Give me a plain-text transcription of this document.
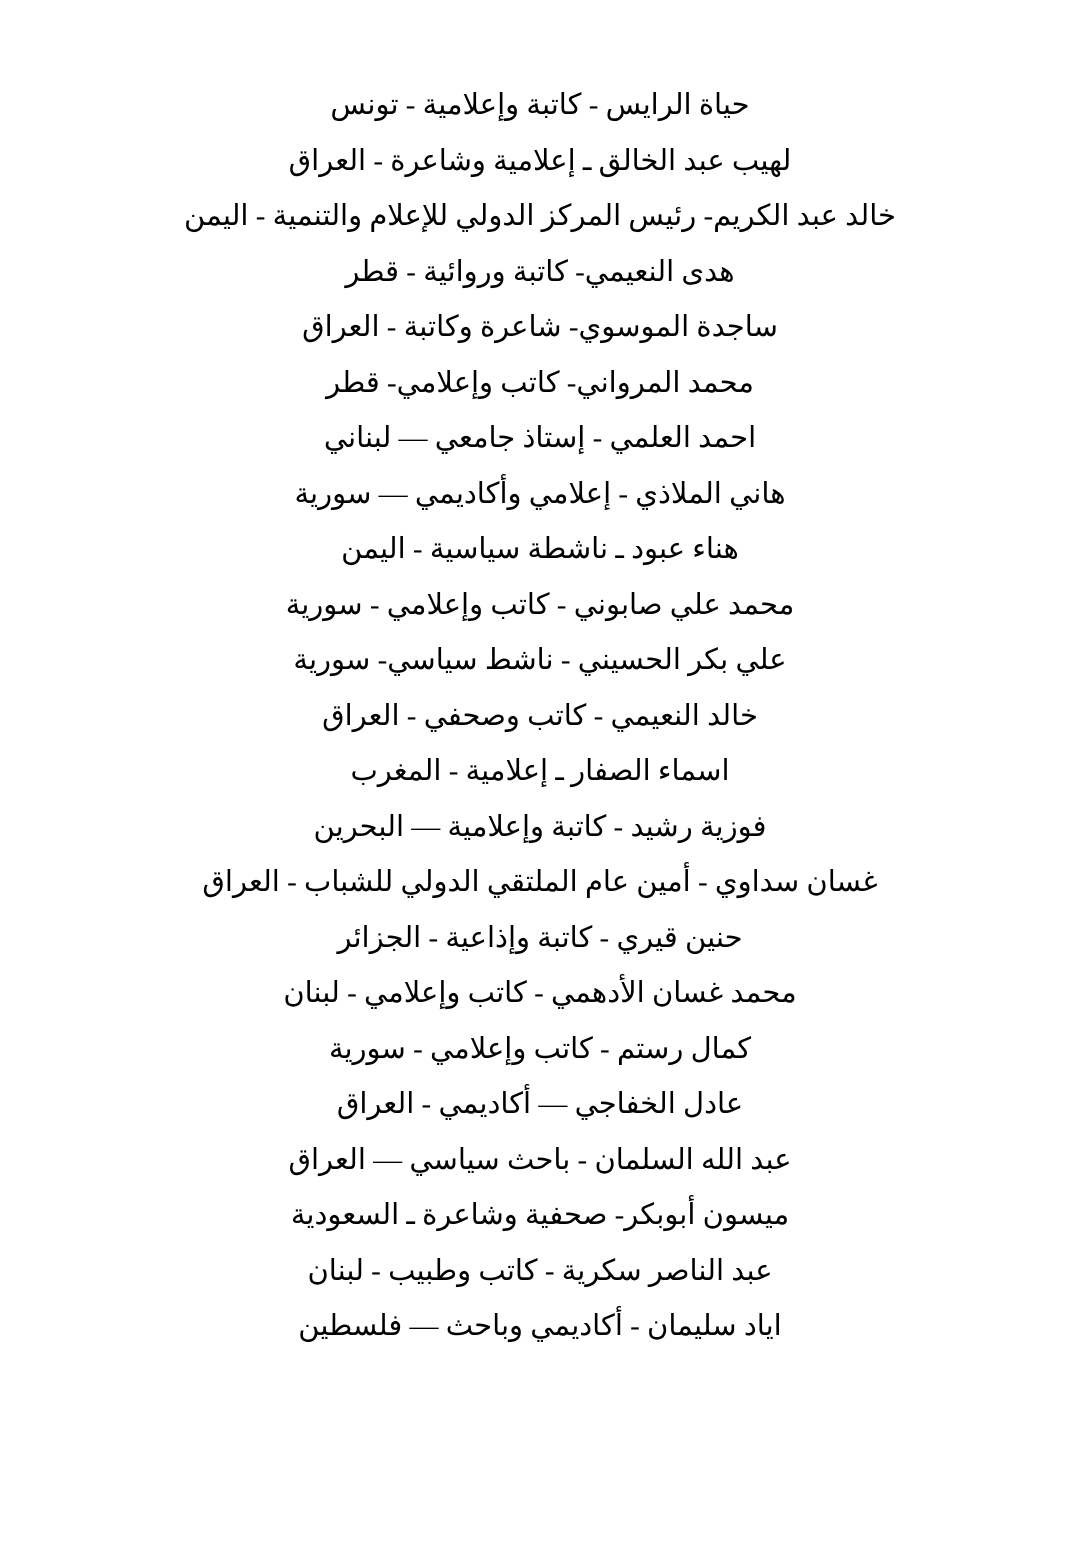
حياة الرايس - كاتبة وإعلامية - تونس
لهيب عبد الخالق ـ إعلامية وشاعرة - العراق
خالد عبد الكريم- رئيس المركز الدولي للإعلام والتنمية - اليمن
هدى النعيمي- كاتبة وروائية - قطر
ساجدة الموسوي- شاعرة وكاتبة - العراق
محمد المرواني- كاتب وإعلامي- قطر
احمد العلمي - إستاذ جامعي — لبناني
هاني الملاذي - إعلامي وأكاديمي — سورية
هناء عبود ـ ناشطة سياسية - اليمن
محمد علي صابوني - كاتب وإعلامي - سورية
علي بكر الحسيني - ناشط سياسي- سورية
خالد النعيمي - كاتب وصحفي - العراق
اسماء الصفار ـ إعلامية - المغرب
فوزية رشيد - كاتبة وإعلامية — البحرين
غسان سداوي - أمين عام الملتقي الدولي للشباب - العراق
حنين قيري - كاتبة وإذاعية - الجزائر
محمد غسان الأدهمي - كاتب وإعلامي - لبنان
كمال رستم - كاتب وإعلامي - سورية
عادل الخفاجي — أكاديمي - العراق
عبد الله السلمان - باحث سياسي — العراق
ميسون أبوبكر- صحفية وشاعرة ـ السعودية
عبد الناصر سكرية - كاتب وطبيب - لبنان
اياد سليمان - أكاديمي وباحث — فلسطين
